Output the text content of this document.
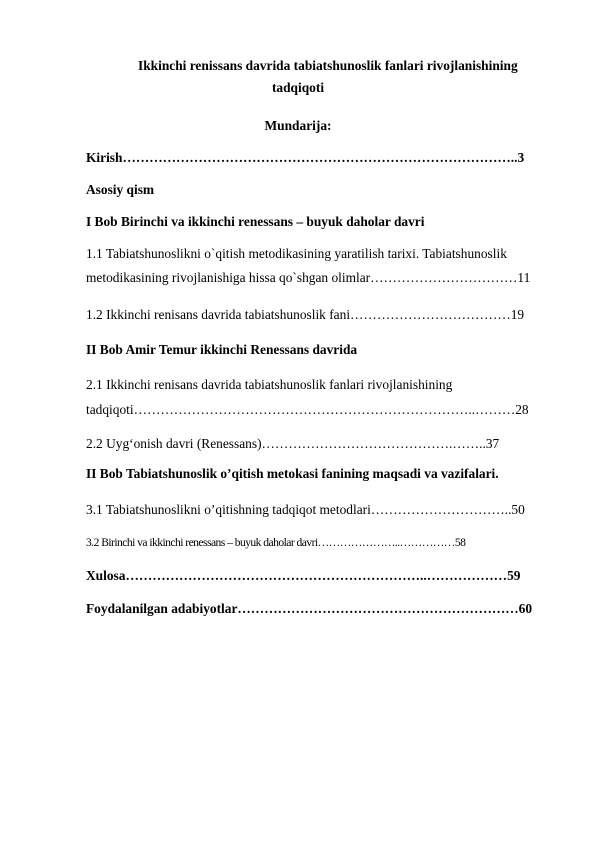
Ikkinchi renissans davrida tabiatshunoslik fanlari rivojlanishining
tadqiqoti
Mundarija:
Kirish……………………………………………………………………………..3
Asosiy qism
I Bob Birinchi va ikkinchi renessans – buyuk daholar davri
1.1 Tabiatshunoslikni o`qitish metodikasining yaratilish tarixi. Tabiatshunoslik
metodikasining rivojlanishiga hissa qo`shgan olimlar……………………………11
1.2 Ikkinchi renisans davrida tabiatshunoslik fani………………………………19
II Bob Amir Temur ikkinchi Renessans davrida
2.1 Ikkinchi renisans davrida tabiatshunoslik fanlari rivojlanishining
tadqiqoti…………………………………………………………………..………28
2.2 Uyg‘onish davri (Renessans)…………………………………….……..37
II Bob Tabiatshunoslik o’qitish metokasi fanining maqsadi va vazifalari.
3.1 Tabiatshunoslikni o’qitishning tadqiqot metodlari…………………………..50
3.2 Birinchi va ikkinchi renessans – buyuk daholar davri…………………..……………58
Xulosa…………………………………………………………..………………59
Foydalanilgan adabiyotlar………………………………………………………60
